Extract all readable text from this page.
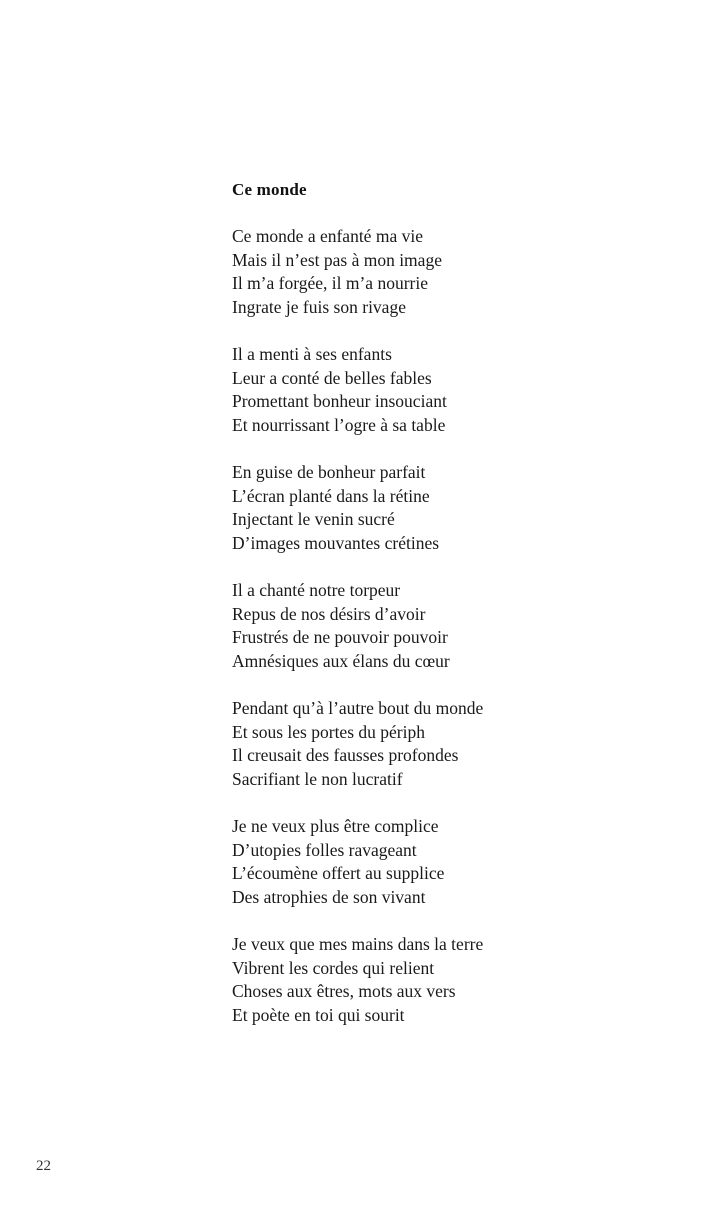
Ce monde
Ce monde a enfanté ma vie
Mais il n’est pas à mon image
Il m’a forgée, il m’a nourrie
Ingrate je fuis son rivage
Il a menti à ses enfants
Leur a conté de belles fables
Promettant bonheur insouciant
Et nourrissant l’ogre à sa table
En guise de bonheur parfait
L’écran planté dans la rétine
Injectant le venin sucré
D’images mouvantes crétines
Il a chanté notre torpeur
Repus de nos désirs d’avoir
Frustrés de ne pouvoir pouvoir
Amnésiques aux élans du cœur
Pendant qu’à l’autre bout du monde
Et sous les portes du périph
Il creusait des fausses profondes
Sacrifiant le non lucratif
Je ne veux plus être complice
D’utopies folles ravageant
L’écoumène offert au supplice
Des atrophies de son vivant
Je veux que mes mains dans la terre
Vibrent les cordes qui relient
Choses aux êtres, mots aux vers
Et poète en toi qui sourit
22
